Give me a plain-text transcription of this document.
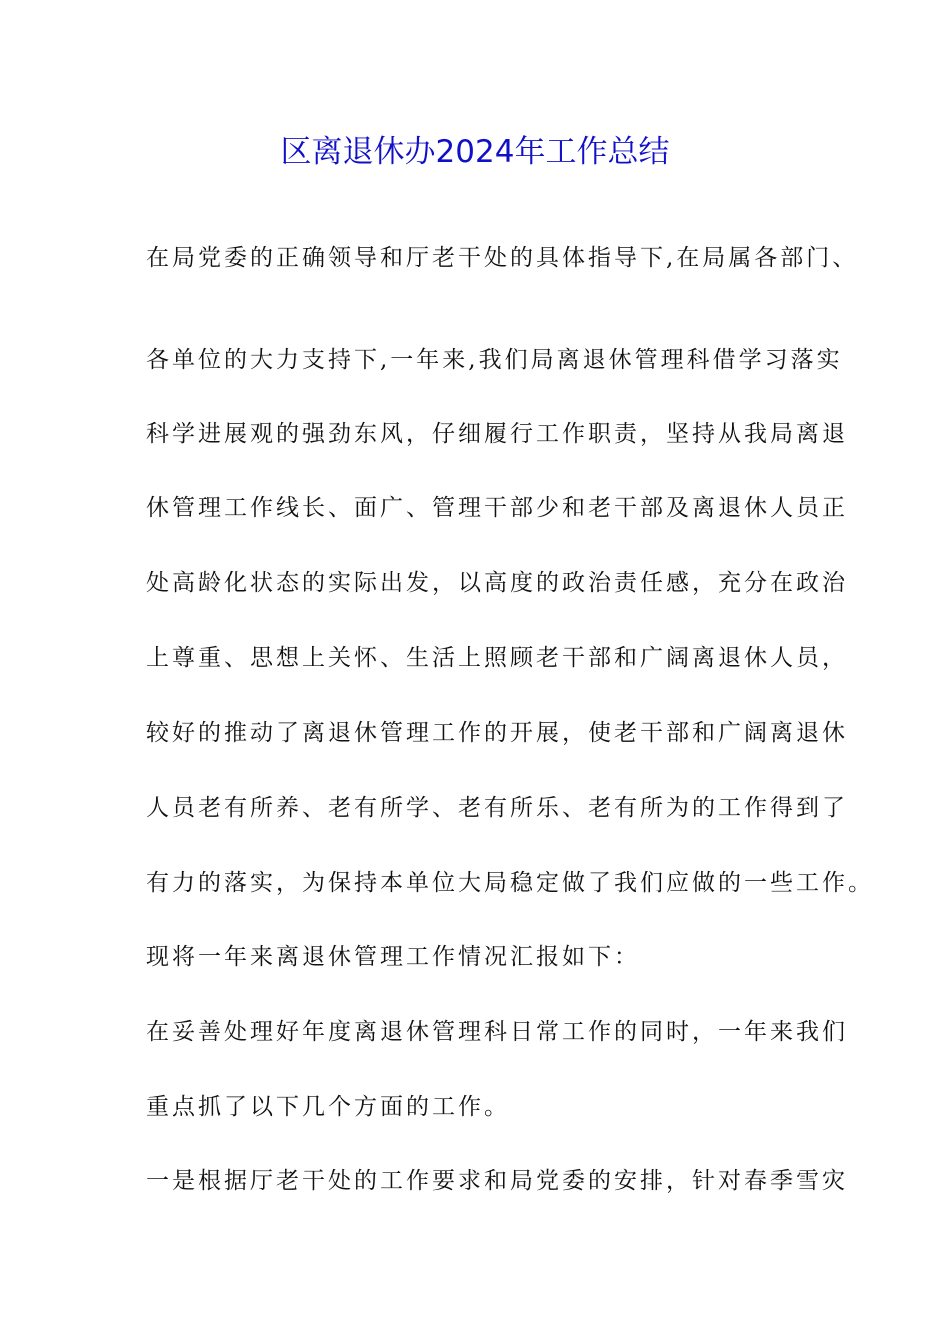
区离退休办2024年工作总结
在局党委的正确领导和厅老干处的具体指导下,在局属各部门、
各单位的大力支持下,一年来,我们局离退休管理科借学习落实
科学进展观的强劲东风，仔细履行工作职责，坚持从我局离退
休管理工作线长、面广、管理干部少和老干部及离退休人员正
处高龄化状态的实际出发，以高度的政治责任感，充分在政治
上尊重、思想上关怀、生活上照顾老干部和广阔离退休人员，
较好的推动了离退休管理工作的开展，使老干部和广阔离退休
人员老有所养、老有所学、老有所乐、老有所为的工作得到了
有力的落实，为保持本单位大局稳定做了我们应做的一些工作。
现将一年来离退休管理工作情况汇报如下：
在妥善处理好年度离退休管理科日常工作的同时，一年来我们
重点抓了以下几个方面的工作。
一是根据厅老干处的工作要求和局党委的安排，针对春季雪灾
